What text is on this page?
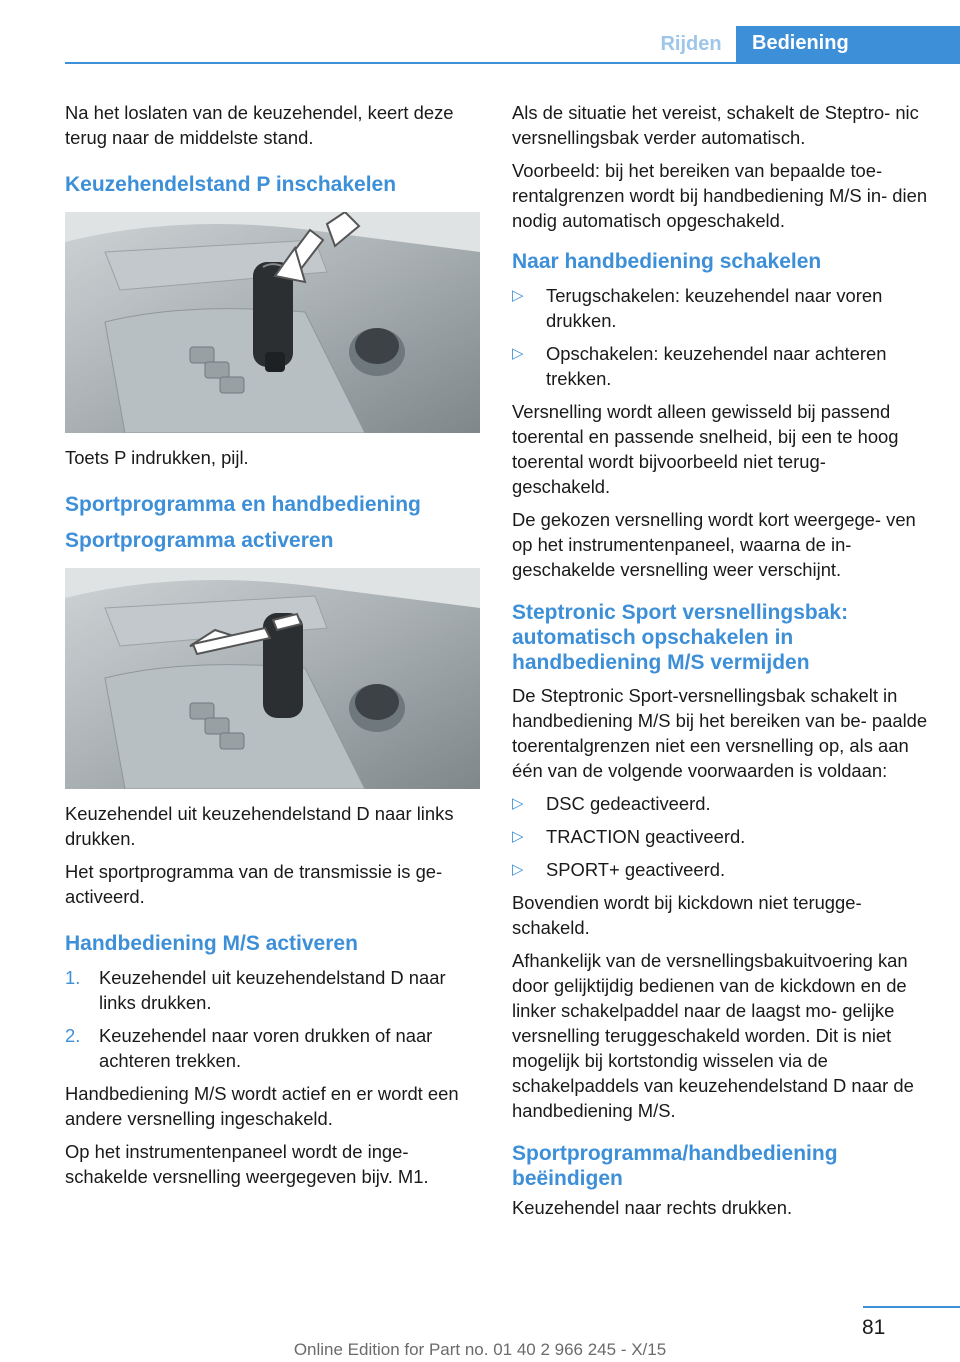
Rijden	Bediening

Na het loslaten van de keuzehendel, keert deze terug naar de middelste stand.

Keuzehendelstand P inschakelen

Toets P indrukken, pijl.

Sportprogramma en handbediening
Sportprogramma activeren

Keuzehendel uit keuzehendelstand D naar links drukken.

Het sportprogramma van de transmissie is ge- activeerd.

Handbediening M/S activeren
1. Keuzehendel uit keuzehendelstand D naar links drukken.
2. Keuzehendel naar voren drukken of naar achteren trekken.

Handbediening M/S wordt actief en er wordt een andere versnelling ingeschakeld.

Op het instrumentenpaneel wordt de inge- schakelde versnelling weergegeven bijv. M1.

Als de situatie het vereist, schakelt de Steptro- nic versnellingsbak verder automatisch.

Voorbeeld: bij het bereiken van bepaalde toe- rentalgrenzen wordt bij handbediening M/S in- dien nodig automatisch opgeschakeld.

Naar handbediening schakelen
▷ Terugschakelen: keuzehendel naar voren drukken.
▷ Opschakelen: keuzehendel naar achteren trekken.

Versnelling wordt alleen gewisseld bij passend toerental en passende snelheid, bij een te hoog toerental wordt bijvoorbeeld niet terug- geschakeld.

De gekozen versnelling wordt kort weergege- ven op het instrumentenpaneel, waarna de in- geschakelde versnelling weer verschijnt.

Steptronic Sport versnellingsbak: automatisch opschakelen in handbediening M/S vermijden

De Steptronic Sport-versnellingsbak schakelt in handbediening M/S bij het bereiken van be- paalde toerentalgrenzen niet een versnelling op, als aan één van de volgende voorwaarden is voldaan:

▷ DSC gedeactiveerd.
▷ TRACTION geactiveerd.
▷ SPORT+ geactiveerd.

Bovendien wordt bij kickdown niet terugge- schakeld.

Afhankelijk van de versnellingsbakuitvoering kan door gelijktijdig bedienen van de kickdown en de linker schakelpaddel naar de laagst mo- gelijke versnelling teruggeschakeld worden. Dit is niet mogelijk bij kortstondig wisselen via de schakelpaddels van keuzehendelstand D naar de handbediening M/S.

Sportprogramma/handbediening beëindigen

Keuzehendel naar rechts drukken.

81
Online Edition for Part no. 01 40 2 966 245 - X/15
